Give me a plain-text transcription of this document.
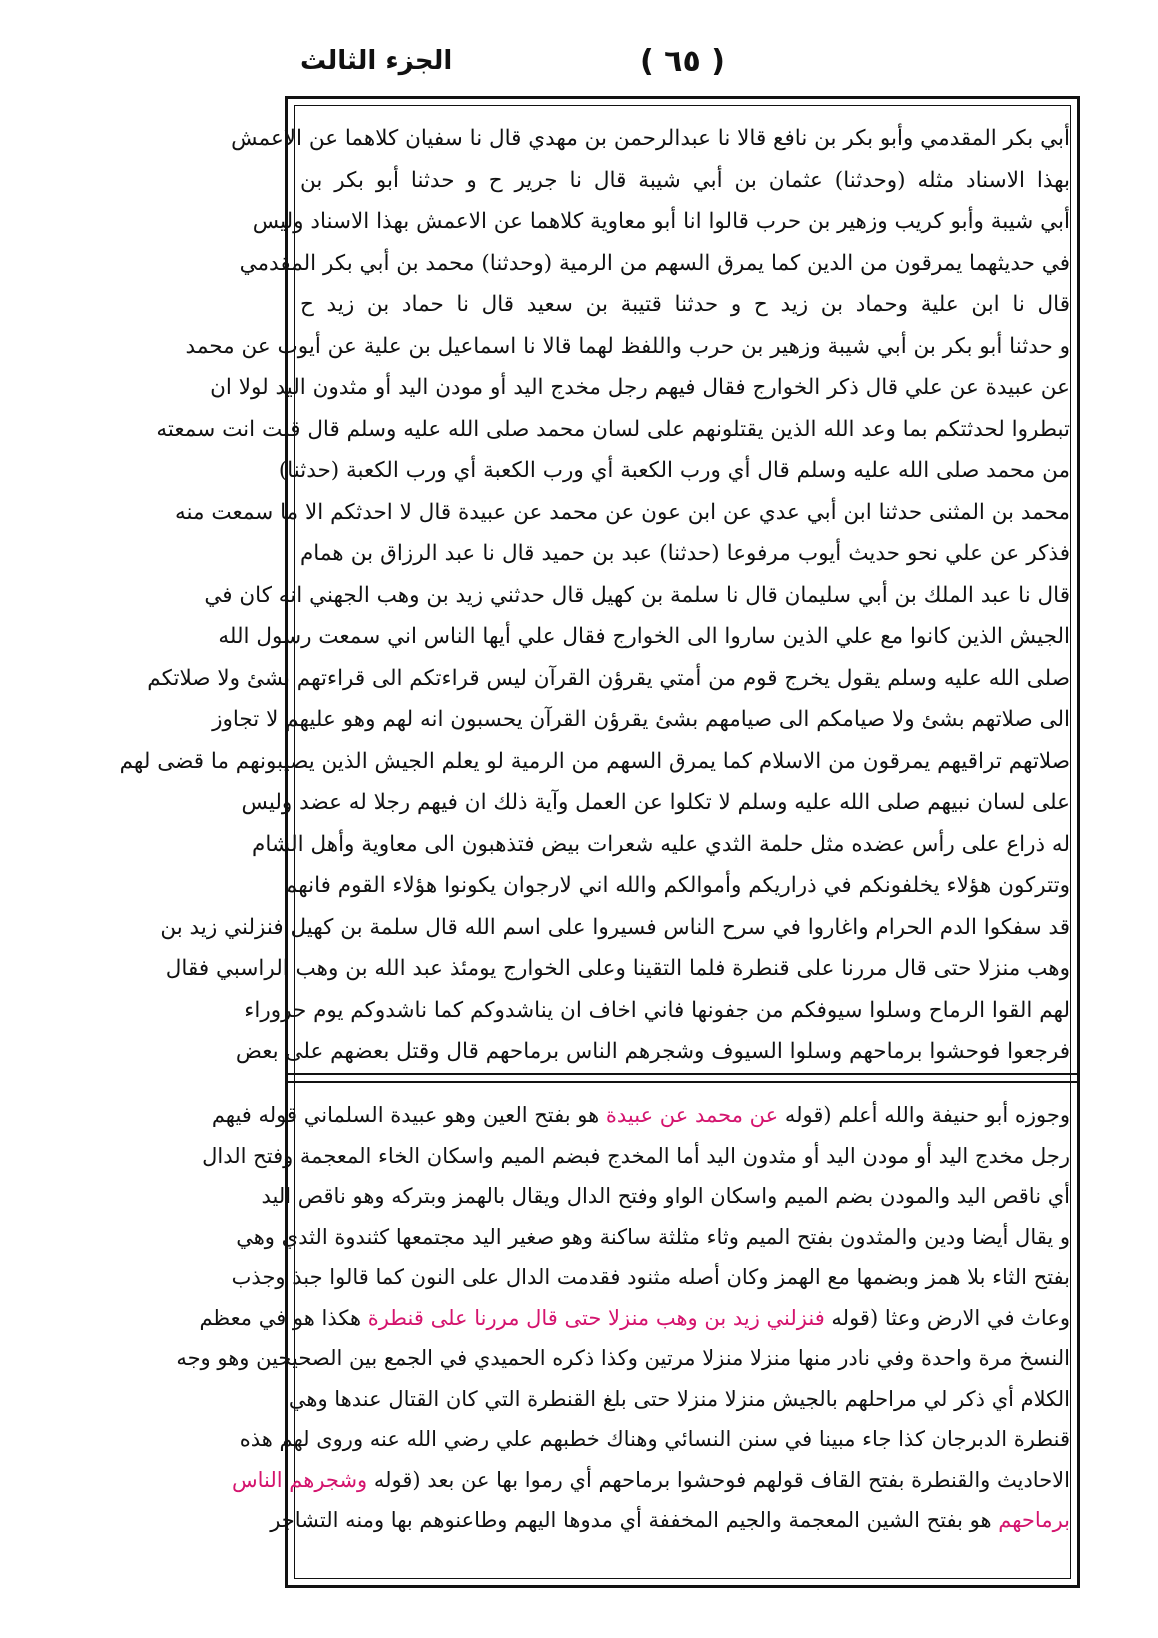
( ٦٥ )
الجزء الثالث
أبي بكر المقدمي وأبو بكر بن نافع قالا نا عبدالرحمن بن مهدي قال نا سفيان كلاهما عن الاعمش
بهذا الاسناد مثله (وحدثنا) عثمان بن أبي شيبة قال نا جرير ح و حدثنا أبو بكر بن
أبي شيبة وأبو كريب وزهير بن حرب قالوا انا أبو معاوية كلاهما عن الاعمش بهذا الاسناد وليس
في حديثهما يمرقون من الدين كما يمرق السهم من الرمية (وحدثنا) محمد بن أبي بكر المقدمي
قال نا ابن علية وحماد بن زيد ح و حدثنا قتيبة بن سعيد قال نا حماد بن زيد ح
و حدثنا أبو بكر بن أبي شيبة وزهير بن حرب واللفظ لهما قالا نا اسماعيل بن علية عن أيوب عن محمد
عن عبيدة عن علي قال ذكر الخوارج فقال فيهم رجل مخدج اليد أو مودن اليد أو مثدون اليد لولا ان
تبطروا لحدثتكم بما وعد الله الذين يقتلونهم على لسان محمد صلى الله عليه وسلم قال قلت انت سمعته
من محمد صلى الله عليه وسلم قال أي ورب الكعبة أي ورب الكعبة أي ورب الكعبة (حدثنا)
محمد بن المثنى حدثنا ابن أبي عدي عن ابن عون عن محمد عن عبيدة قال لا احدثكم الا ما سمعت منه
فذكر عن علي نحو حديث أيوب مرفوعا (حدثنا) عبد بن حميد قال نا عبد الرزاق بن همام
قال نا عبد الملك بن أبي سليمان قال نا سلمة بن كهيل قال حدثني زيد بن وهب الجهني انه كان في
الجيش الذين كانوا مع علي الذين ساروا الى الخوارج فقال علي أيها الناس اني سمعت رسول الله
صلى الله عليه وسلم يقول يخرج قوم من أمتي يقرؤن القرآن ليس قراءتكم الى قراءتهم بشئ ولا صلاتكم
الى صلاتهم بشئ ولا صيامكم الى صيامهم بشئ يقرؤن القرآن يحسبون انه لهم وهو عليهم لا تجاوز
صلاتهم تراقيهم يمرقون من الاسلام كما يمرق السهم من الرمية لو يعلم الجيش الذين يصيبونهم ما قضى لهم
على لسان نبيهم صلى الله عليه وسلم لا تكلوا عن العمل وآية ذلك ان فيهم رجلا له عضد وليس
له ذراع على رأس عضده مثل حلمة الثدي عليه شعرات بيض فتذهبون الى معاوية وأهل الشام
وتتركون هؤلاء يخلفونكم في ذراريكم وأموالكم والله اني لارجوان يكونوا هؤلاء القوم فانهم
قد سفكوا الدم الحرام واغاروا في سرح الناس فسيروا على اسم الله قال سلمة بن كهيل فنزلني زيد بن
وهب منزلا حتى قال مررنا على قنطرة فلما التقينا وعلى الخوارج يومئذ عبد الله بن وهب الراسبي فقال
لهم القوا الرماح وسلوا سيوفكم من جفونها فاني اخاف ان يناشدوكم كما ناشدوكم يوم حروراء
فرجعوا فوحشوا برماحهم وسلوا السيوف وشجرهم الناس برماحهم قال وقتل بعضهم على بعض
وجوزه أبو حنيفة والله أعلم (قوله عن محمد عن عبيدة هو بفتح العين وهو عبيدة السلماني قوله فيهم
رجل مخدج اليد أو مودن اليد أو مثدون اليد أما المخدج فبضم الميم واسكان الخاء المعجمة وفتح الدال
أي ناقص اليد والمودن بضم الميم واسكان الواو وفتح الدال ويقال بالهمز وبتركه وهو ناقص اليد
و يقال أيضا ودين والمثدون بفتح الميم وثاء مثلثة ساكنة وهو صغير اليد مجتمعها كثندوة الثدي وهي
بفتح الثاء بلا همز وبضمها مع الهمز وكان أصله مثنود فقدمت الدال على النون كما قالوا جبذ وجذب
وعاث في الارض وعثا (قوله فنزلني زيد بن وهب منزلا حتى قال مررنا على قنطرة هكذا هو في معظم
النسخ مرة واحدة وفي نادر منها منزلا منزلا مرتين وكذا ذكره الحميدي في الجمع بين الصحيحين وهو وجه
الكلام أي ذكر لي مراحلهم بالجيش منزلا منزلا حتى بلغ القنطرة التي كان القتال عندها وهي
قنطرة الدبرجان كذا جاء مبينا في سنن النسائي وهناك خطبهم علي رضي الله عنه وروى لهم هذه
الاحاديث والقنطرة بفتح القاف قولهم فوحشوا برماحهم أي رموا بها عن بعد (قوله وشجرهم الناس
برماحهم هو بفتح الشين المعجمة والجيم المخففة أي مدوها اليهم وطاعنوهم بها ومنه التشاجر
